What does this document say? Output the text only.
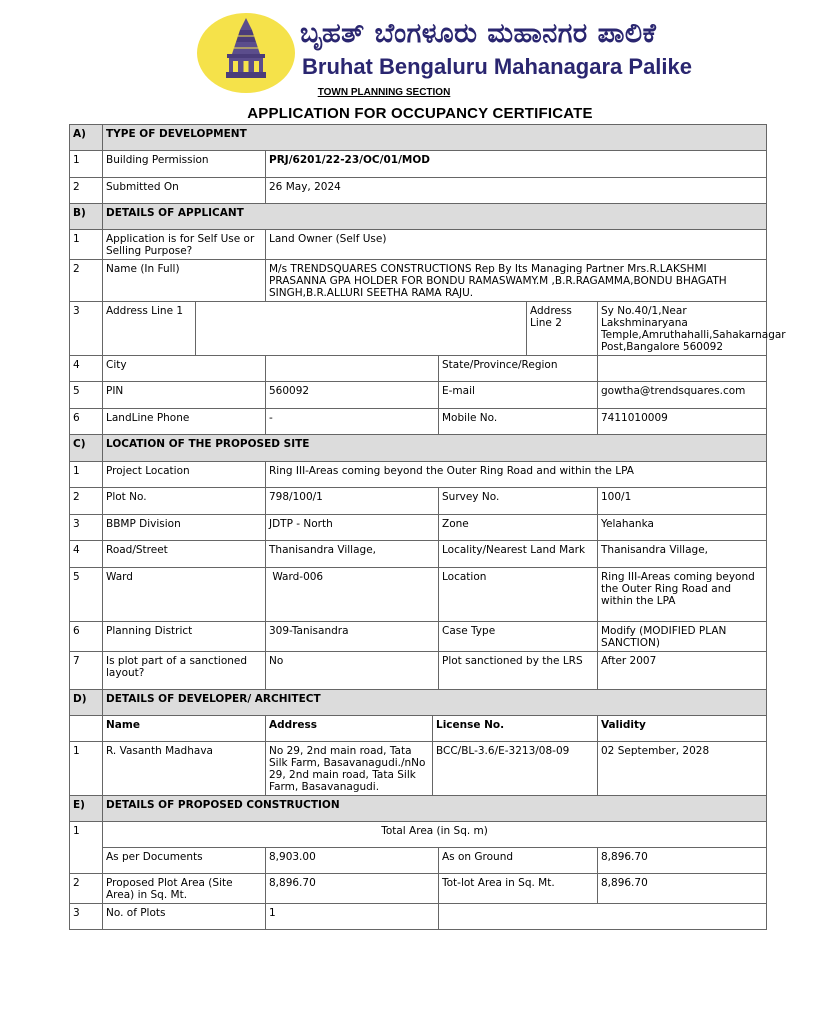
ಬೃಹತ್ ಬೆಂಗಳೂರು ಮಹಾನಗರ ಪಾಲಿಕೆ
Bruhat Bengaluru Mahanagara Palike
TOWN PLANNING SECTION
APPLICATION FOR OCCUPANCY CERTIFICATE
A)	TYPE OF DEVELOPMENT						
1	Building Permission		PRJ/6201/22-23/OC/01/MOD				
2	Submitted On		26 May, 2024				
B)	DETAILS OF APPLICANT						
1	Application is for Self Use or Selling Purpose?		Land Owner (Self Use)				
2	Name (In Full)		M/s TRENDSQUARES CONSTRUCTIONS Rep By Its Managing Partner Mrs.R.LAKSHMI PRASANNA GPA HOLDER FOR BONDU RAMASWAMY.M ,B.R.RAGAMMA,BONDU BHAGATH SINGH,B.R.ALLURI SEETHA RAMA RAJU.				
3	Address Line 1					Address Line 2	Sy No.40/1,Near Lakshminaryana Temple,Amruthahalli,Sahakarnagar Post,Bangalore 560092
4	City				State/Province/Region		
5	PIN		560092		E-mail		gowtha@trendsquares.com
6	LandLine Phone		-		Mobile No.		7411010009
C)	LOCATION OF THE PROPOSED SITE						
1	Project Location		Ring III-Areas coming beyond the Outer Ring Road and within the LPA				
2	Plot No.		798/100/1		Survey No.		100/1
3	BBMP Division		JDTP - North		Zone		Yelahanka
4	Road/Street		Thanisandra Village,		Locality/Nearest Land Mark		Thanisandra Village,
5	Ward		Ward-006		Location		Ring III-Areas coming beyond the Outer Ring Road and within the LPA
6	Planning District		309-Tanisandra		Case Type		Modify (MODIFIED PLAN SANCTION)
7	Is plot part of a sanctioned layout?		No		Plot sanctioned by the LRS		After 2007
D)	DETAILS OF DEVELOPER/ ARCHITECT						
	Name		Address	License No.			Validity
1	R. Vasanth Madhava		No 29, 2nd main road, Tata Silk Farm, Basavanagudi./nNo 29, 2nd main road, Tata Silk Farm, Basavanagudi.	BCC/BL-3.6/E-3213/08-09			02 September, 2028
E)	DETAILS OF PROPOSED CONSTRUCTION						
1	Total Area (in Sq. m)						
	As per Documents		8,903.00		As on Ground		8,896.70
2	Proposed Plot Area (Site Area) in Sq. Mt.		8,896.70		Tot-lot Area in Sq. Mt.		8,896.70
3	No. of Plots		1				
